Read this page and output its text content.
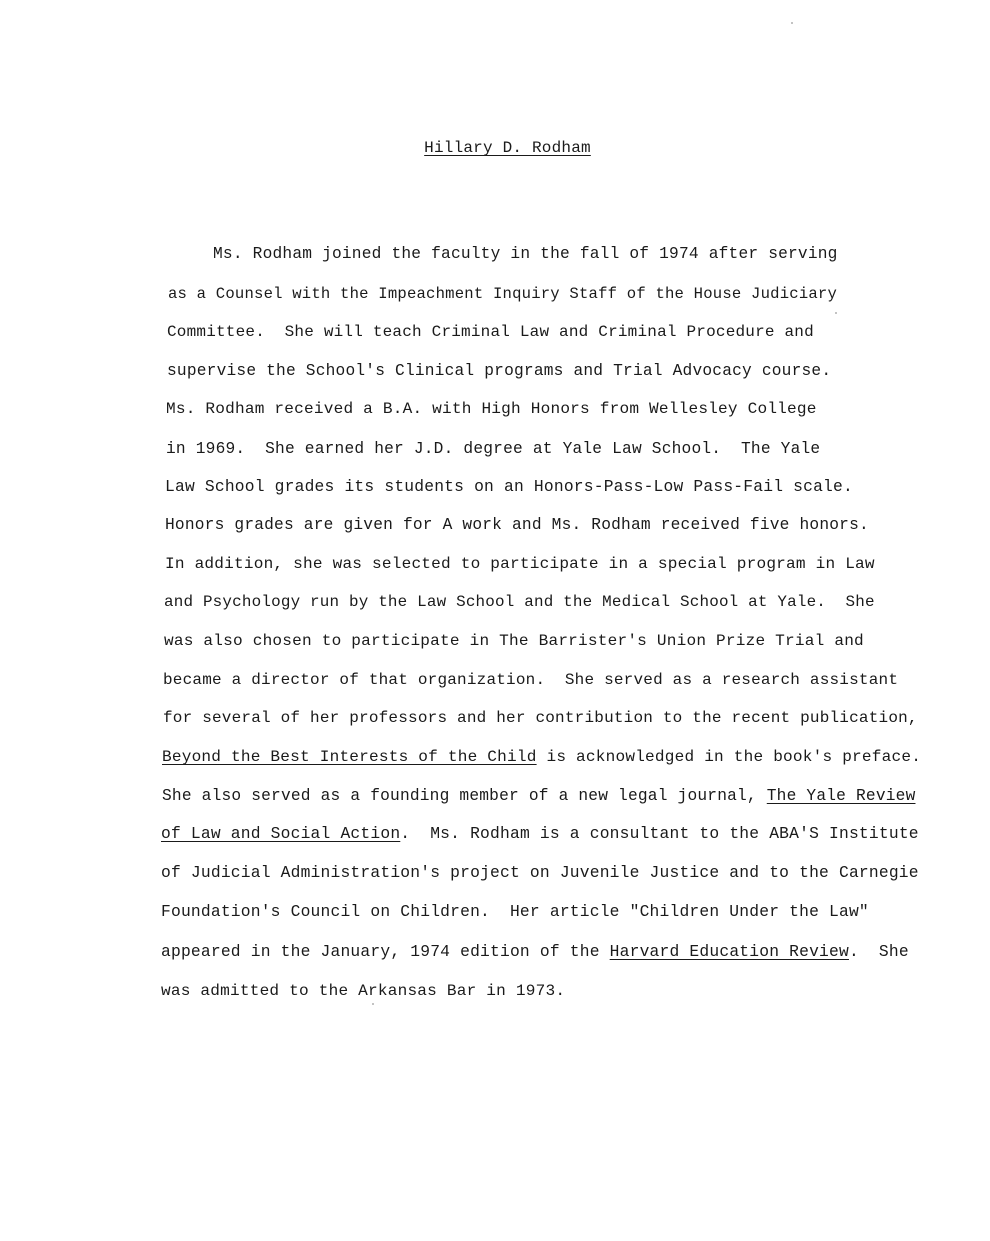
Hillary D. Rodham
Ms. Rodham joined the faculty in the fall of 1974 after serving
as a Counsel with the Impeachment Inquiry Staff of the House Judiciary
Committee.  She will teach Criminal Law and Criminal Procedure and
supervise the School's Clinical programs and Trial Advocacy course.
Ms. Rodham received a B.A. with High Honors from Wellesley College
in 1969.  She earned her J.D. degree at Yale Law School.  The Yale
Law School grades its students on an Honors-Pass-Low Pass-Fail scale.
Honors grades are given for A work and Ms. Rodham received five honors.
In addition, she was selected to participate in a special program in Law
and Psychology run by the Law School and the Medical School at Yale.  She
was also chosen to participate in The Barrister's Union Prize Trial and
became a director of that organization.  She served as a research assistant
for several of her professors and her contribution to the recent publication,
Beyond the Best Interests of the Child is acknowledged in the book's preface.
She also served as a founding member of a new legal journal, The Yale Review
of Law and Social Action.  Ms. Rodham is a consultant to the ABA'S Institute
of Judicial Administration's project on Juvenile Justice and to the Carnegie
Foundation's Council on Children.  Her article "Children Under the Law"
appeared in the January, 1974 edition of the Harvard Education Review.  She
was admitted to the Arkansas Bar in 1973.
